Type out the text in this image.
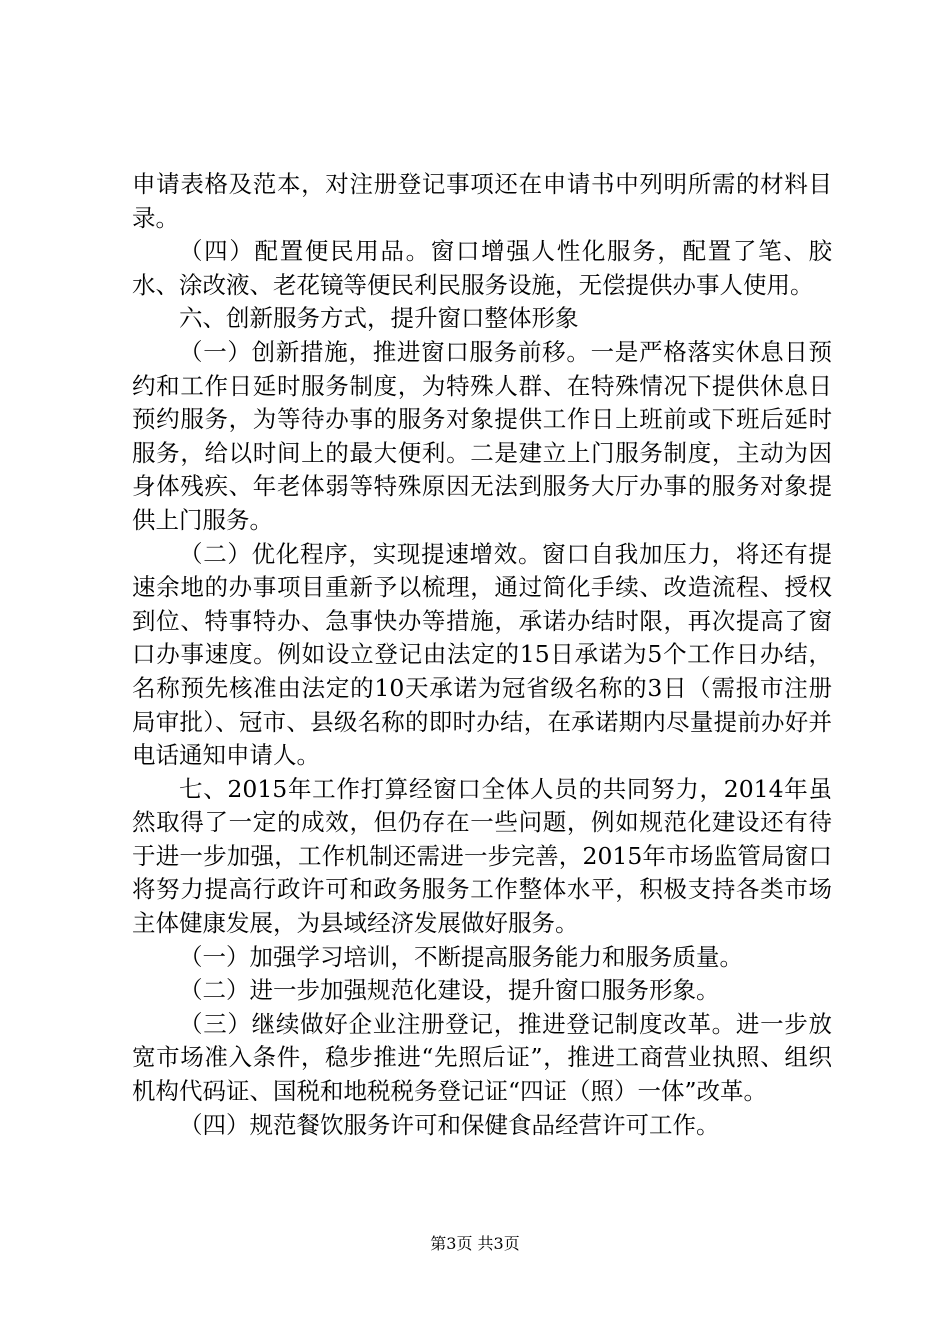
申请表格及范本，对注册登记事项还在申请书中列明所需的材料目录。

（四）配置便民用品。窗口增强人性化服务，配置了笔、胶水、涂改液、老花镜等便民利民服务设施，无偿提供办事人使用。

六、创新服务方式，提升窗口整体形象

（一）创新措施，推进窗口服务前移。一是严格落实休息日预约和工作日延时服务制度，为特殊人群、在特殊情况下提供休息日预约服务，为等待办事的服务对象提供工作日上班前或下班后延时服务，给以时间上的最大便利。二是建立上门服务制度，主动为因身体残疾、年老体弱等特殊原因无法到服务大厅办事的服务对象提供上门服务。

（二）优化程序，实现提速增效。窗口自我加压力，将还有提速余地的办事项目重新予以梳理，通过简化手续、改造流程、授权到位、特事特办、急事快办等措施，承诺办结时限，再次提高了窗口办事速度。例如设立登记由法定的15日承诺为5个工作日办结，名称预先核准由法定的10天承诺为冠省级名称的3日（需报市注册局审批）、冠市、县级名称的即时办结，在承诺期内尽量提前办好并电话通知申请人。

七、2015年工作打算经窗口全体人员的共同努力，2014年虽然取得了一定的成效，但仍存在一些问题，例如规范化建设还有待于进一步加强，工作机制还需进一步完善，2015年市场监管局窗口将努力提高行政许可和政务服务工作整体水平，积极支持各类市场主体健康发展，为县域经济发展做好服务。

（一）加强学习培训，不断提高服务能力和服务质量。

（二）进一步加强规范化建设，提升窗口服务形象。

（三）继续做好企业注册登记，推进登记制度改革。进一步放宽市场准入条件，稳步推进“先照后证”，推进工商营业执照、组织机构代码证、国税和地税税务登记证“四证（照）一体”改革。

（四）规范餐饮服务许可和保健食品经营许可工作。

第3页 共3页
